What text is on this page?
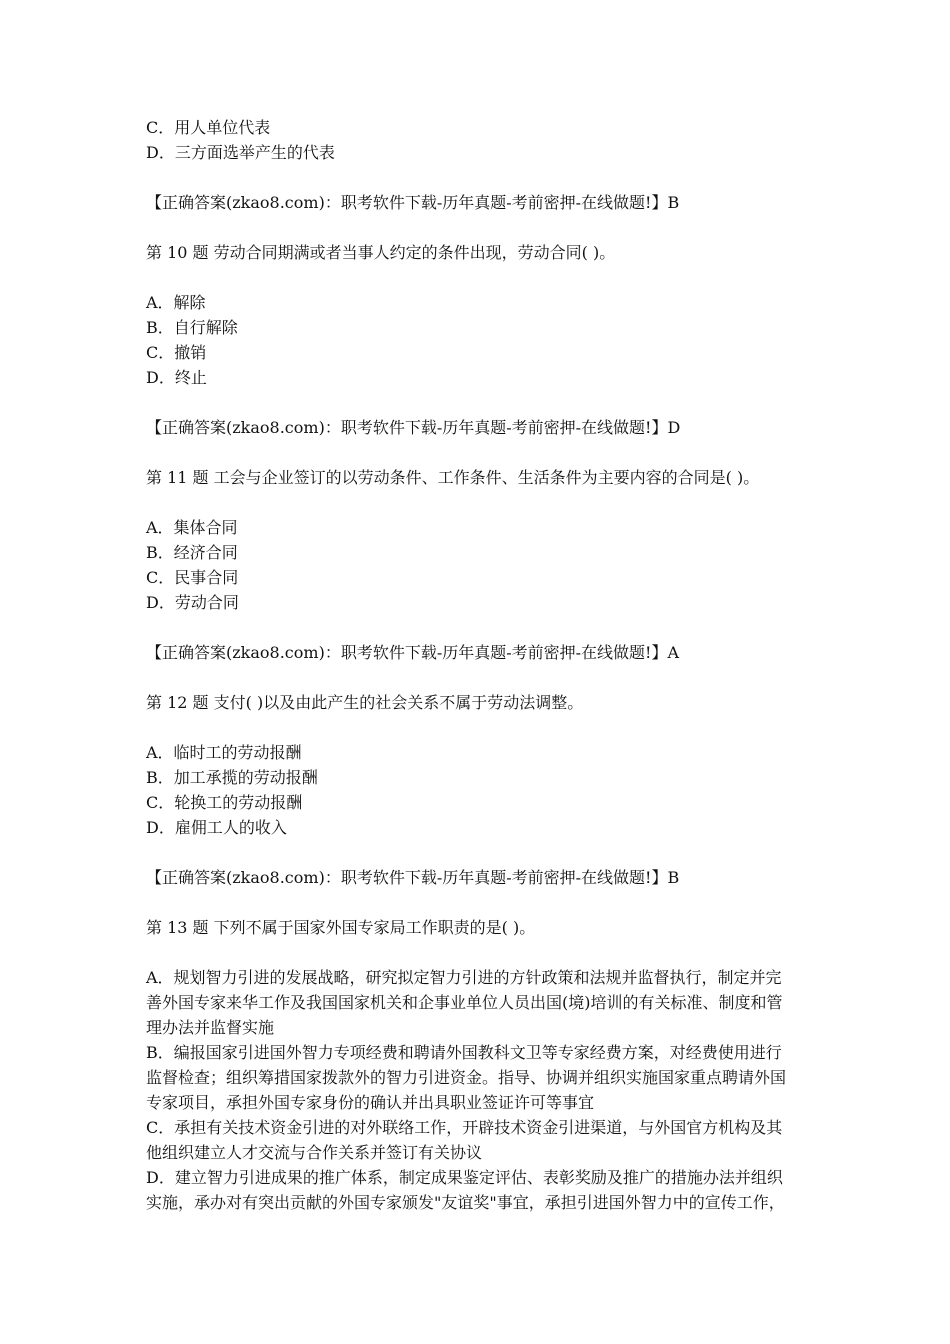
C．用人单位代表
D．三方面选举产生的代表
【正确答案(zkao8.com)：职考软件下载-历年真题-考前密押-在线做题!】B
第 10 题 劳动合同期满或者当事人约定的条件出现，劳动合同( )。
A．解除
B．自行解除
C．撤销
D．终止
【正确答案(zkao8.com)：职考软件下载-历年真题-考前密押-在线做题!】D
第 11 题 工会与企业签订的以劳动条件、工作条件、生活条件为主要内容的合同是( )。
A．集体合同
B．经济合同
C．民事合同
D．劳动合同
【正确答案(zkao8.com)：职考软件下载-历年真题-考前密押-在线做题!】A
第 12 题 支付( )以及由此产生的社会关系不属于劳动法调整。
A．临时工的劳动报酬
B．加工承揽的劳动报酬
C．轮换工的劳动报酬
D．雇佣工人的收入
【正确答案(zkao8.com)：职考软件下载-历年真题-考前密押-在线做题!】B
第 13 题 下列不属于国家外国专家局工作职责的是( )。
A．规划智力引进的发展战略，研究拟定智力引进的方针政策和法规并监督执行，制定并完
善外国专家来华工作及我国国家机关和企事业单位人员出国(境)培训的有关标准、制度和管
理办法并监督实施
B．编报国家引进国外智力专项经费和聘请外国教科文卫等专家经费方案，对经费使用进行
监督检查；组织筹措国家拨款外的智力引进资金。指导、协调并组织实施国家重点聘请外国
专家项目，承担外国专家身份的确认并出具职业签证许可等事宜
C．承担有关技术资金引进的对外联络工作，开辟技术资金引进渠道，与外国官方机构及其
他组织建立人才交流与合作关系并签订有关协议
D．建立智力引进成果的推广体系，制定成果鉴定评估、表彰奖励及推广的措施办法并组织
实施，承办对有突出贡献的外国专家颁发"友谊奖"事宜，承担引进国外智力中的宣传工作，
